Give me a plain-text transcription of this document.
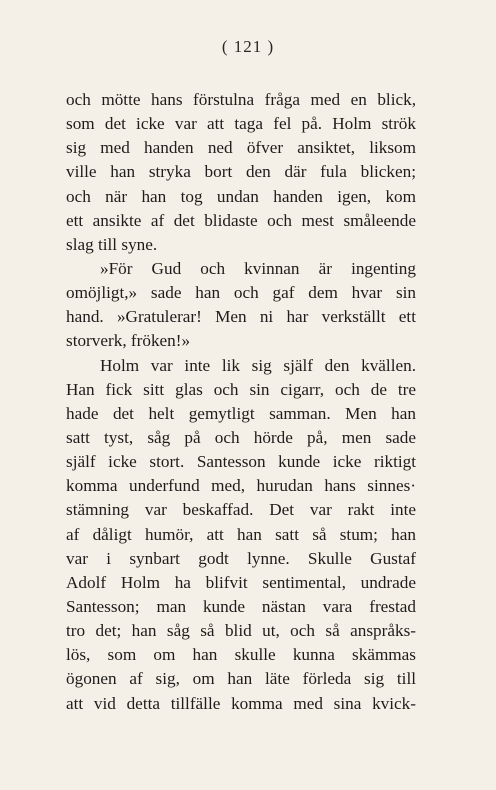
( 121 )
och mötte hans förstulna fråga med en blick,
som det icke var att taga fel på. Holm strök
sig med handen ned öfver ansiktet, liksom
ville han stryka bort den där fula blicken;
och när han tog undan handen igen, kom
ett ansikte af det blidaste och mest småleende
slag till syne.
»För Gud och kvinnan är ingenting
omöjligt,» sade han och gaf dem hvar sin
hand. »Gratulerar! Men ni har verkställt ett
storverk, fröken!»
Holm var inte lik sig själf den kvällen.
Han fick sitt glas och sin cigarr, och de tre
hade det helt gemytligt samman. Men han
satt tyst, såg på och hörde på, men sade
själf icke stort. Santesson kunde icke riktigt
komma underfund med, hurudan hans sinnes·
stämning var beskaffad. Det var rakt inte
af dåligt humör, att han satt så stum; han
var i synbart godt lynne. Skulle Gustaf
Adolf Holm ha blifvit sentimental, undrade
Santesson; man kunde nästan vara frestad
tro det; han såg så blid ut, och så anspråks-
lös, som om han skulle kunna skämmas
ögonen af sig, om han läte förleda sig till
att vid detta tillfälle komma med sina kvick-
